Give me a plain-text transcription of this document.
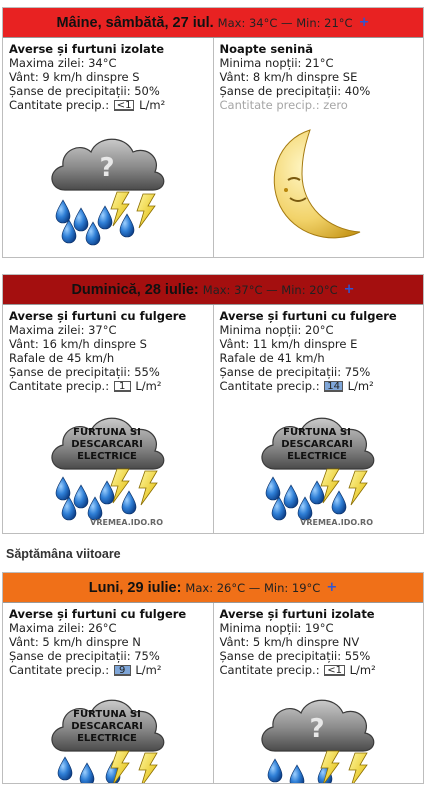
Mâine, sâmbătă, 27 iul. Max: 34°C — Min: 21°C +
Averse și furtuni izolate
Maxima zilei: 34°C
Vânt: 9 km/h dinspre S
Șanse de precipitații: 50%
Cantitate precip.: <1 L/m²
?
Noapte senină
Minima nopții: 21°C
Vânt: 8 km/h dinspre SE
Șanse de precipitații: 40%
Cantitate precip.: zero
Duminică, 28 iulie: Max: 37°C — Min: 20°C +
Averse și furtuni cu fulgere
Maxima zilei: 37°C
Vânt: 16 km/h dinspre S
Rafale de 45 km/h
Șanse de precipitații: 55%
Cantitate precip.: 1 L/m²
FURTUNA SI
DESCARCARI
ELECTRICE
VREMEA.IDO.RO
Averse și furtuni cu fulgere
Minima nopții: 20°C
Vânt: 11 km/h dinspre E
Rafale de 41 km/h
Șanse de precipitații: 75%
Cantitate precip.: 14 L/m²
FURTUNA SI
DESCARCARI
ELECTRICE
VREMEA.IDO.RO
Săptămâna viitoare
Luni, 29 iulie: Max: 26°C — Min: 19°C +
Averse și furtuni cu fulgere
Maxima zilei: 26°C
Vânt: 5 km/h dinspre N
Șanse de precipitații: 75%
Cantitate precip.: 9 L/m²
FURTUNA SI
DESCARCARI
ELECTRICE
Averse și furtuni izolate
Minima nopții: 19°C
Vânt: 5 km/h dinspre NV
Șanse de precipitații: 55%
Cantitate precip.: <1 L/m²
?
